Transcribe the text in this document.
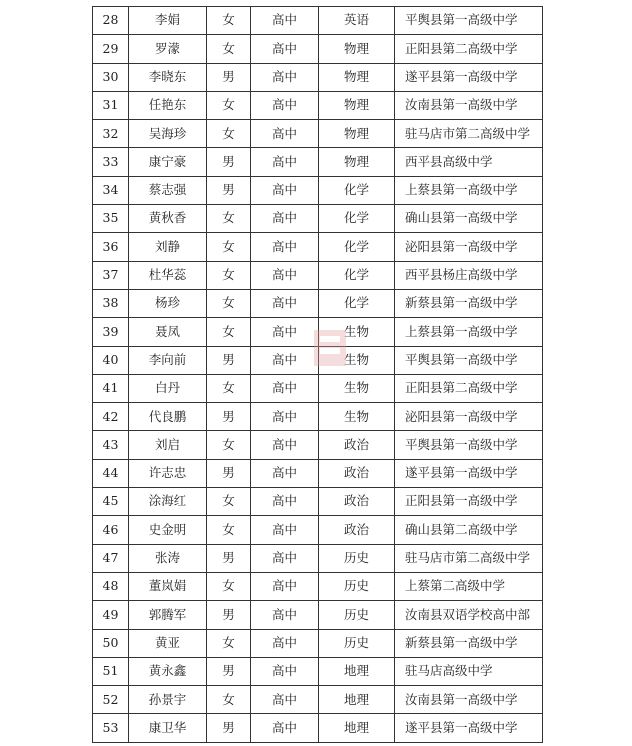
28	李娟	女	高中	英语	平舆县第一高级中学
29	罗濛	女	高中	物理	正阳县第二高级中学
30	李晓东	男	高中	物理	遂平县第一高级中学
31	任艳东	女	高中	物理	汝南县第一高级中学
32	吴海珍	女	高中	物理	驻马店市第二高级中学
33	康宁豪	男	高中	物理	西平县高级中学
34	蔡志强	男	高中	化学	上蔡县第一高级中学
35	黄秋香	女	高中	化学	确山县第一高级中学
36	刘静	女	高中	化学	泌阳县第一高级中学
37	杜华蕊	女	高中	化学	西平县杨庄高级中学
38	杨珍	女	高中	化学	新蔡县第一高级中学
39	聂凤	女	高中	生物	上蔡县第一高级中学
40	李向前	男	高中	生物	平舆县第一高级中学
41	白丹	女	高中	生物	正阳县第二高级中学
42	代良鹏	男	高中	生物	泌阳县第一高级中学
43	刘启	女	高中	政治	平舆县第一高级中学
44	许志忠	男	高中	政治	遂平县第一高级中学
45	涂海红	女	高中	政治	正阳县第一高级中学
46	史金明	女	高中	政治	确山县第二高级中学
47	张涛	男	高中	历史	驻马店市第二高级中学
48	董岚娟	女	高中	历史	上蔡第二高级中学
49	郭腾军	男	高中	历史	汝南县双语学校高中部
50	黄亚	女	高中	历史	新蔡县第一高级中学
51	黄永鑫	男	高中	地理	驻马店高级中学
52	孙景宇	女	高中	地理	汝南县第一高级中学
53	康卫华	男	高中	地理	遂平县第一高级中学
